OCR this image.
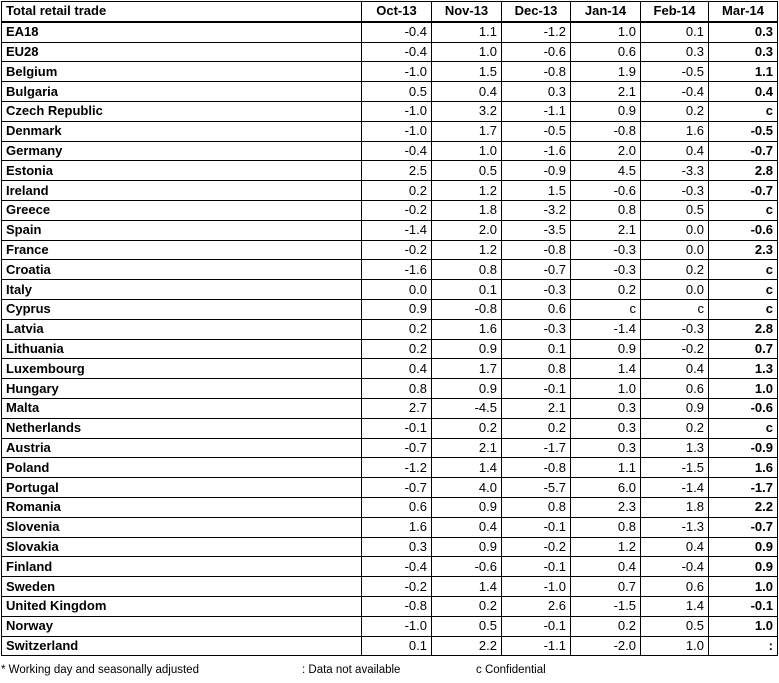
Total retail trade	Oct-13	Nov-13	Dec-13	Jan-14	Feb-14	Mar-14
EA18	-0.4	1.1	-1.2	1.0	0.1	0.3
EU28	-0.4	1.0	-0.6	0.6	0.3	0.3
Belgium	-1.0	1.5	-0.8	1.9	-0.5	1.1
Bulgaria	0.5	0.4	0.3	2.1	-0.4	0.4
Czech Republic	-1.0	3.2	-1.1	0.9	0.2	c
Denmark	-1.0	1.7	-0.5	-0.8	1.6	-0.5
Germany	-0.4	1.0	-1.6	2.0	0.4	-0.7
Estonia	2.5	0.5	-0.9	4.5	-3.3	2.8
Ireland	0.2	1.2	1.5	-0.6	-0.3	-0.7
Greece	-0.2	1.8	-3.2	0.8	0.5	c
Spain	-1.4	2.0	-3.5	2.1	0.0	-0.6
France	-0.2	1.2	-0.8	-0.3	0.0	2.3
Croatia	-1.6	0.8	-0.7	-0.3	0.2	c
Italy	0.0	0.1	-0.3	0.2	0.0	c
Cyprus	0.9	-0.8	0.6	c	c	c
Latvia	0.2	1.6	-0.3	-1.4	-0.3	2.8
Lithuania	0.2	0.9	0.1	0.9	-0.2	0.7
Luxembourg	0.4	1.7	0.8	1.4	0.4	1.3
Hungary	0.8	0.9	-0.1	1.0	0.6	1.0
Malta	2.7	-4.5	2.1	0.3	0.9	-0.6
Netherlands	-0.1	0.2	0.2	0.3	0.2	c
Austria	-0.7	2.1	-1.7	0.3	1.3	-0.9
Poland	-1.2	1.4	-0.8	1.1	-1.5	1.6
Portugal	-0.7	4.0	-5.7	6.0	-1.4	-1.7
Romania	0.6	0.9	0.8	2.3	1.8	2.2
Slovenia	1.6	0.4	-0.1	0.8	-1.3	-0.7
Slovakia	0.3	0.9	-0.2	1.2	0.4	0.9
Finland	-0.4	-0.6	-0.1	0.4	-0.4	0.9
Sweden	-0.2	1.4	-1.0	0.7	0.6	1.0
United Kingdom	-0.8	0.2	2.6	-1.5	1.4	-0.1
Norway	-1.0	0.5	-0.1	0.2	0.5	1.0
Switzerland	0.1	2.2	-1.1	-2.0	1.0	:
* Working day and seasonally adjusted	: Data not available	c Confidential
